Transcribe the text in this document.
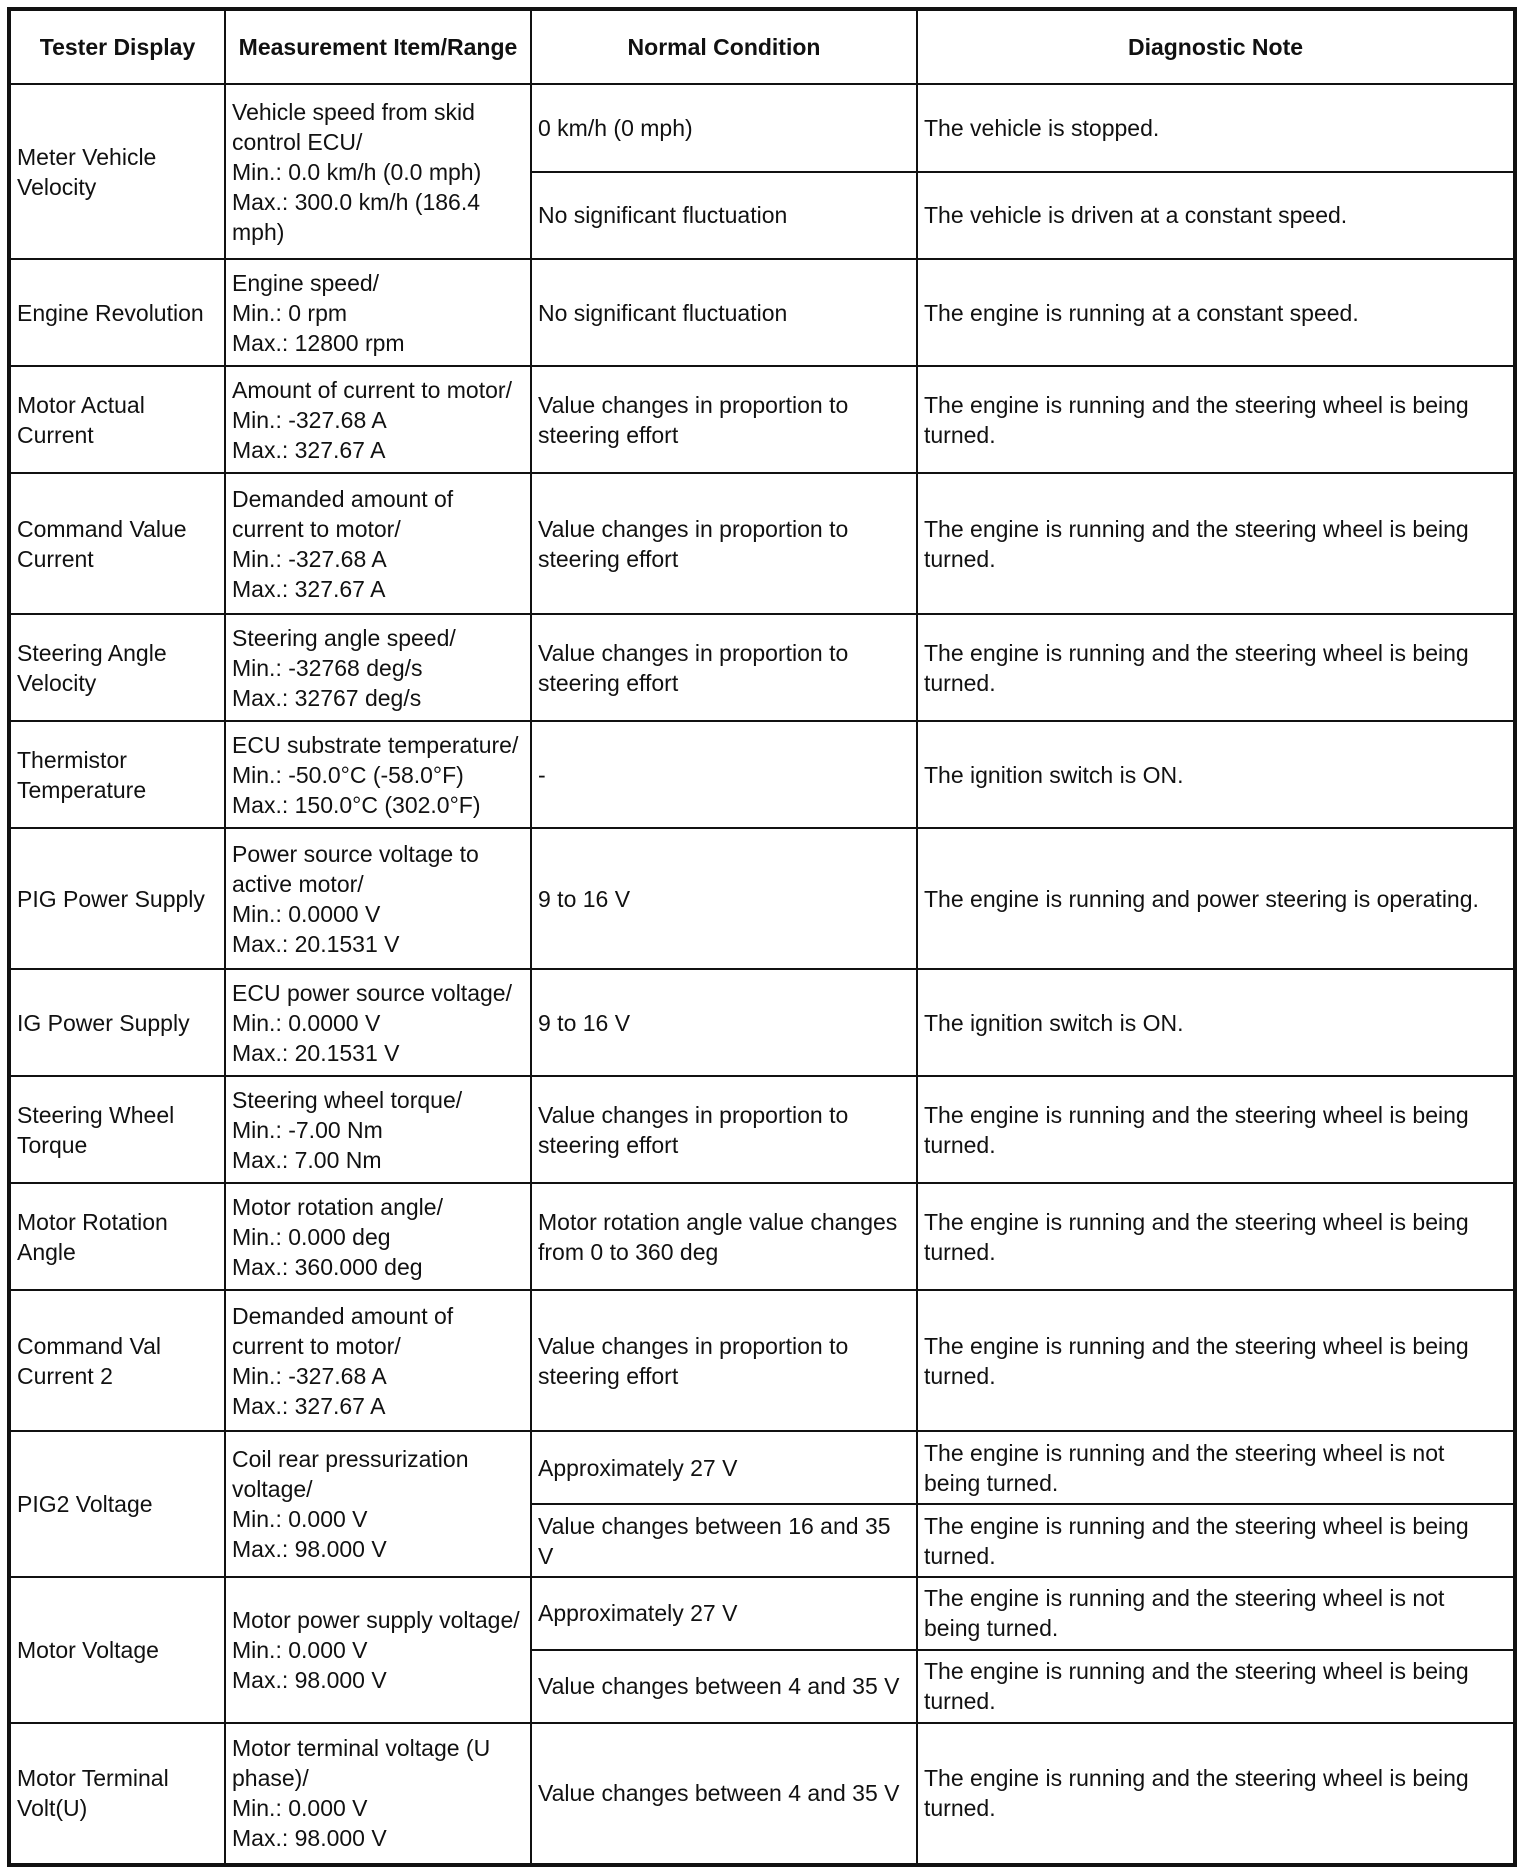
Tester Display	Measurement Item/Range	Normal Condition	Diagnostic Note
Meter Vehicle Velocity	Vehicle speed from skid control ECU/
Min.: 0.0 km/h (0.0 mph)
Max.: 300.0 km/h (186.4 mph)	0 km/h (0 mph)	The vehicle is stopped.
		No significant fluctuation	The vehicle is driven at a constant speed.
Engine Revolution	Engine speed/
Min.: 0 rpm
Max.: 12800 rpm	No significant fluctuation	The engine is running at a constant speed.
Motor Actual Current	Amount of current to motor/
Min.: -327.68 A
Max.: 327.67 A	Value changes in proportion to steering effort	The engine is running and the steering wheel is being turned.
Command Value Current	Demanded amount of current to motor/
Min.: -327.68 A
Max.: 327.67 A	Value changes in proportion to steering effort	The engine is running and the steering wheel is being turned.
Steering Angle Velocity	Steering angle speed/
Min.: -32768 deg/s
Max.: 32767 deg/s	Value changes in proportion to steering effort	The engine is running and the steering wheel is being turned.
Thermistor Temperature	ECU substrate temperature/
Min.: -50.0°C (-58.0°F)
Max.: 150.0°C (302.0°F)	-	The ignition switch is ON.
PIG Power Supply	Power source voltage to active motor/
Min.: 0.0000 V
Max.: 20.1531 V	9 to 16 V	The engine is running and power steering is operating.
IG Power Supply	ECU power source voltage/
Min.: 0.0000 V
Max.: 20.1531 V	9 to 16 V	The ignition switch is ON.
Steering Wheel Torque	Steering wheel torque/
Min.: -7.00 Nm
Max.: 7.00 Nm	Value changes in proportion to steering effort	The engine is running and the steering wheel is being turned.
Motor Rotation Angle	Motor rotation angle/
Min.: 0.000 deg
Max.: 360.000 deg	Motor rotation angle value changes from 0 to 360 deg	The engine is running and the steering wheel is being turned.
Command Val Current 2	Demanded amount of current to motor/
Min.: -327.68 A
Max.: 327.67 A	Value changes in proportion to steering effort	The engine is running and the steering wheel is being turned.
PIG2 Voltage	Coil rear pressurization voltage/
Min.: 0.000 V
Max.: 98.000 V	Approximately 27 V	The engine is running and the steering wheel is not being turned.
		Value changes between 16 and 35 V	The engine is running and the steering wheel is being turned.
Motor Voltage	Motor power supply voltage/
Min.: 0.000 V
Max.: 98.000 V	Approximately 27 V	The engine is running and the steering wheel is not being turned.
		Value changes between 4 and 35 V	The engine is running and the steering wheel is being turned.
Motor Terminal Volt(U)	Motor terminal voltage (U phase)/
Min.: 0.000 V
Max.: 98.000 V	Value changes between 4 and 35 V	The engine is running and the steering wheel is being turned.
